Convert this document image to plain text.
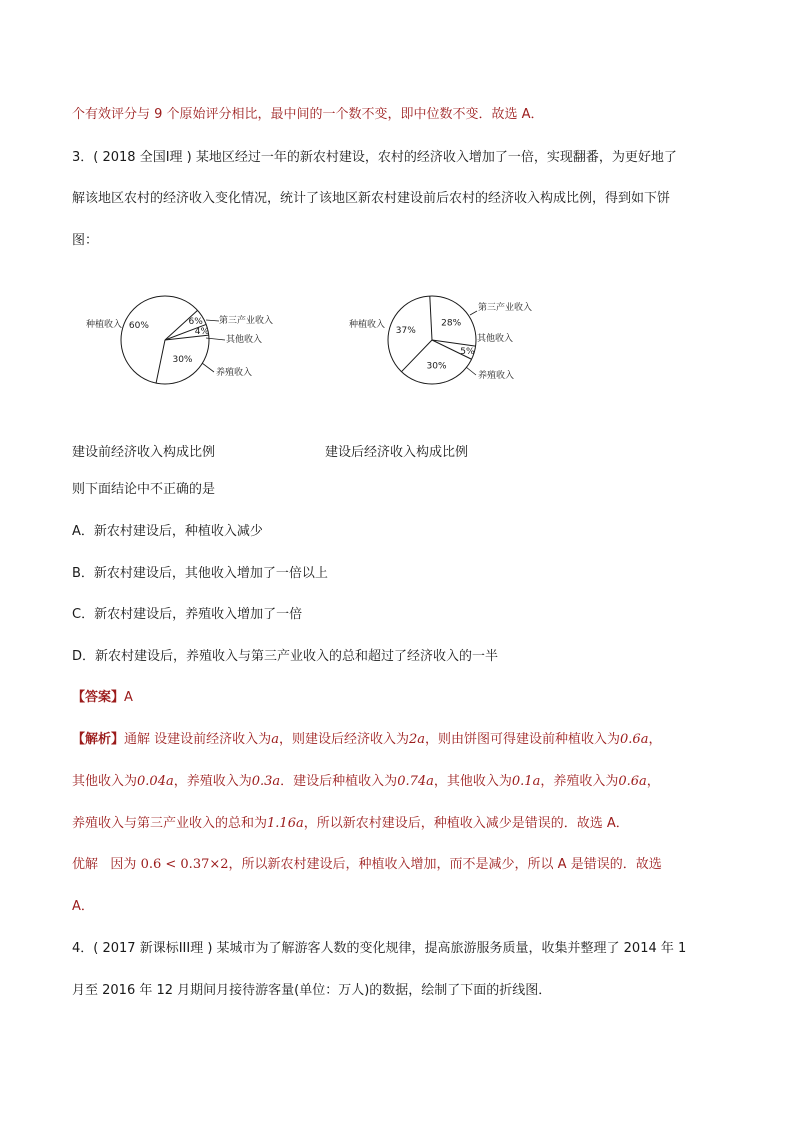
个有效评分与 9 个原始评分相比，最中间的一个数不变，即中位数不变．故选 A．
3．( 2018 全国I理 ) 某地区经过一年的新农村建设，农村的经济收入增加了一倍，实现翻番，为更好地了
解该地区农村的经济收入变化情况，统计了该地区新农村建设前后农村的经济收入构成比例，得到如下饼
图：
60%	6%
4%
30%
种植收入	第三产业收入
其他收入
养殖收入
37%
28%
5%
30%
种植收入
第三产业收入
其他收入
养殖收入
建设前经济收入构成比例	建设后经济收入构成比例
则下面结论中不正确的是
A．新农村建设后，种植收入减少
B．新农村建设后，其他收入增加了一倍以上
C．新农村建设后，养殖收入增加了一倍
D．新农村建设后，养殖收入与第三产业收入的总和超过了经济收入的一半
【答案】A
【解析】通解 设建设前经济收入为a，则建设后经济收入为2a，则由饼图可得建设前种植收入为0.6a，
其他收入为0.04a，养殖收入为0.3a．建设后种植收入为0.74a，其他收入为0.1a，养殖收入为0.6a，
养殖收入与第三产业收入的总和为1.16a，所以新农村建设后，种植收入减少是错误的．故选 A．
优解 因为 0.6 < 0.37×2，所以新农村建设后，种植收入增加，而不是减少，所以 A 是错误的．故选
A．
4．( 2017 新课标III理 ) 某城市为了解游客人数的变化规律，提高旅游服务质量，收集并整理了 2014 年 1
月至 2016 年 12 月期间月接待游客量(单位：万人)的数据，绘制了下面的折线图．
